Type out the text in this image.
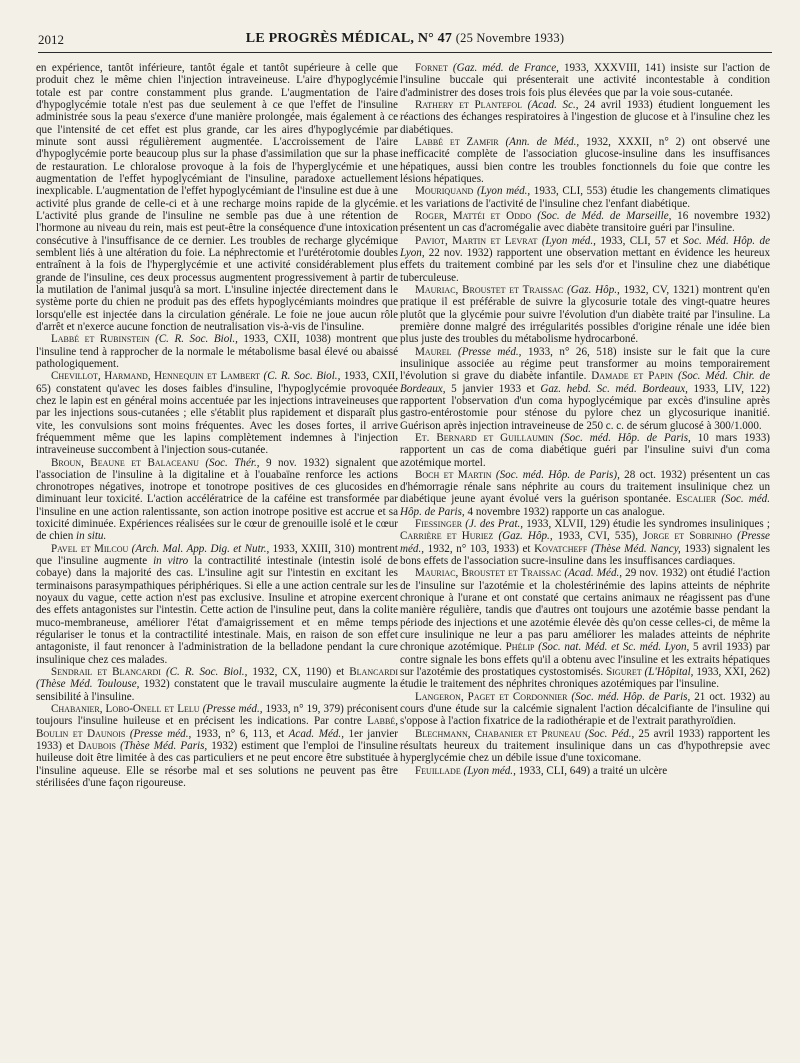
2012	LE PROGRÈS MÉDICAL, N° 47 (25 Novembre 1933)

en expérience, tantôt inférieure, tantôt égale et tantôt supérieure à celle que produit chez le même chien l'injection intraveineuse. L'aire d'hypoglycémie totale est par contre constamment plus grande. L'augmentation de l'aire d'hypoglycémie totale n'est pas due seulement à ce que l'effet de l'insuline administrée sous la peau s'exerce d'une manière prolongée, mais également à ce que l'intensité de cet effet est plus grande, car les aires d'hypoglycémie par minute sont aussi régulièrement augmentée. L'accroissement de l'aire d'hypoglycémie porte beaucoup plus sur la phase d'assimilation que sur la phase de restauration. Le chloralose provoque à la fois de l'hyperglycémie et une augmentation de l'effet hypoglycémiant de l'insuline, paradoxe actuellement inexplicable. L'augmentation de l'effet hypoglycémiant de l'insuline est due à une activité plus grande de celle-ci et à une recharge moins rapide de la glycémie. L'activité plus grande de l'insuline ne semble pas due à une rétention de l'hormone au niveau du rein, mais est peut-être la conséquence d'une intoxication consécutive à l'insuffisance de ce dernier. Les troubles de recharge glycémique semblent liés à une altération du foie. La néphrectomie et l'urétérotomie doubles entraînent à la fois de l'hyperglycémie et une activité considérablement plus grande de l'insuline, ces deux processus augmentent progressivement à partir de la mutilation de l'animal jusqu'à sa mort. L'insuline injectée directement dans le système porte du chien ne produit pas des effets hypoglycémiants moindres que lorsqu'elle est injectée dans la circulation générale. Le foie ne joue aucun rôle d'arrêt et n'exerce aucune fonction de neutralisation vis-à-vis de l'insuline.

Labbé et Rubinstein (C. R. Soc. Biol., 1933, CXII, 1038) montrent que l'insuline tend à rapprocher de la normale le métabolisme basal élevé ou abaissé pathologiquement.

Chevillot, Harmand, Hennequin et Lambert (C. R. Soc. Biol., 1933, CXII, 65) constatent qu'avec les doses faibles d'insuline, l'hypoglycémie provoquée chez le lapin est en général moins accentuée par les injections intraveineuses que par les injections sous-cutanées ; elle s'établit plus rapidement et disparaît plus vite, les convulsions sont moins fréquentes. Avec les doses fortes, il arrive fréquemment même que les lapins complètement indemnes à l'injection intraveineuse succombent à l'injection sous-cutanée.

Broun, Beaune et Balaceanu (Soc. Thér., 9 nov. 1932) signalent que l'association de l'insuline à la digitaline et à l'ouabaïne renforce les actions chronotropes négatives, inotrope et tonotrope positives de ces glucosides en diminuant leur toxicité. L'action accélératrice de la caféine est transformée par l'insuline en une action ralentissante, son action inotrope positive est accrue et sa toxicité diminuée. Expériences réalisées sur le cœur de grenouille isolé et le cœur de chien in situ.

Pavel et Milcou (Arch. Mal. App. Dig. et Nutr., 1933, XXIII, 310) montrent que l'insuline augmente in vitro la contractilité intestinale (intestin isolé de cobaye) dans la majorité des cas. L'insuline agit sur l'intestin en excitant les terminaisons parasympathiques périphériques. Si elle a une action centrale sur les noyaux du vague, cette action n'est pas exclusive. Insuline et atropine exercent des effets antagonistes sur l'intestin. Cette action de l'insuline peut, dans la colite muco-membraneuse, améliorer l'état d'amaigrissement et en même temps régulariser le tonus et la contractilité intestinale. Mais, en raison de son effet antagoniste, il faut renoncer à l'administration de la belladone pendant la cure insulinique chez ces malades.

Sendrail et Blancardi (C. R. Soc. Biol., 1932, CX, 1190) et Blancardi (Thèse Méd. Toulouse, 1932) constatent que le travail musculaire augmente la sensibilité à l'insuline.

Chabanier, Lobo-Onell et Lelu (Presse méd., 1933, n° 19, 379) préconisent toujours l'insuline huileuse et en précisent les indications. Par contre Labbé, Boulin et Daunois (Presse méd., 1933, n° 6, 113, et Acad. Méd., 1er janvier 1933) et Daubois (Thèse Méd. Paris, 1932) estiment que l'emploi de l'insuline huileuse doit être limitée à des cas particuliers et ne peut encore être substituée à l'insuline aqueuse. Elle se résorbe mal et ses solutions ne peuvent pas être stérilisées d'une façon rigoureuse.

Fornet (Gaz. méd. de France, 1933, XXXVIII, 141) insiste sur l'action de l'insuline buccale qui présenterait une activité incontestable à condition d'administrer des doses trois fois plus élevées que par la voie sous-cutanée.

Rathery et Plantefol (Acad. Sc., 24 avril 1933) étudient longuement les réactions des échanges respiratoires à l'ingestion de glucose et à l'insuline chez les diabétiques.

Labbé et Zamfir (Ann. de Méd., 1932, XXXII, n° 2) ont observé une inefficacité complète de l'association glucose-insuline dans les insuffisances hépatiques, aussi bien contre les troubles fonctionnels du foie que contre les lésions hépatiques.

Mouriquand (Lyon méd., 1933, CLI, 553) étudie les changements climatiques et les variations de l'activité de l'insuline chez l'enfant diabétique.

Roger, Mattéi et Oddo (Soc. de Méd. de Marseille, 16 novembre 1932) présentent un cas d'acromégalie avec diabète transitoire guéri par l'insuline.

Paviot, Martin et Levrat (Lyon méd., 1933, CLI, 57 et Soc. Méd. Hôp. de Lyon, 22 nov. 1932) rapportent une observation mettant en évidence les heureux effets du traitement combiné par les sels d'or et l'insuline chez une diabétique tuberculeuse.

Mauriac, Broustet et Traissac (Gaz. Hôp., 1932, CV, 1321) montrent qu'en pratique il est préférable de suivre la glycosurie totale des vingt-quatre heures plutôt que la glycémie pour suivre l'évolution d'un diabète traité par l'insuline. La première donne malgré des irrégularités possibles d'origine rénale une idée bien plus juste des troubles du métabolisme hydrocarboné.

Maurel (Presse méd., 1933, n° 26, 518) insiste sur le fait que la cure insulinique associée au régime peut transformer au moins temporairement l'évolution si grave du diabète infantile. Damade et Papin (Soc. Méd. Chir. de Bordeaux, 5 janvier 1933 et Gaz. hebd. Sc. méd. Bordeaux, 1933, LIV, 122) rapportent l'observation d'un coma hypoglycémique par excès d'insuline après gastro-entérostomie pour sténose du pylore chez un glycosurique inanitié. Guérison après injection intraveineuse de 250 c. c. de sérum glucosé à 300/1.000.

Et. Bernard et Guillaumin (Soc. méd. Hôp. de Paris, 10 mars 1933) rapportent un cas de coma diabétique guéri par l'insuline suivi d'un coma azotémique mortel.

Boch et Martin (Soc. méd. Hôp. de Paris), 28 oct. 1932) présentent un cas d'hémorragie rénale sans néphrite au cours du traitement insulinique chez un diabétique jeune ayant évolué vers la guérison spontanée. Escalier (Soc. méd. Hôp. de Paris, 4 novembre 1932) rapporte un cas analogue.

Fiessinger (J. des Prat., 1933, XLVII, 129) étudie les syndromes insuliniques ; Carrière et Huriez (Gaz. Hôp., 1933, CVI, 535), Jorge et Sobrinho (Presse méd., 1932, n° 103, 1933) et Kovatcheff (Thèse Méd. Nancy, 1933) signalent les bons effets de l'association sucre-insuline dans les insuffisances cardiaques.

Mauriac, Broustet et Traissac (Acad. Méd., 29 nov. 1932) ont étudié l'action de l'insuline sur l'azotémie et la cholestérinémie des lapins atteints de néphrite chronique à l'urane et ont constaté que certains animaux ne réagissent pas d'une manière régulière, tandis que d'autres ont toujours une azotémie basse pendant la période des injections et une azotémie élevée dès qu'on cesse celles-ci, de même la cure insulinique ne leur a pas paru améliorer les malades atteints de néphrite chronique azotémique. Phélip (Soc. nat. Méd. et Sc. méd. Lyon, 5 avril 1933) par contre signale les bons effets qu'il a obtenu avec l'insuline et les extraits hépatiques sur l'azotémie des prostatiques cystostomisés. Siguret (L'Hôpital, 1933, XXI, 262) étudie le traitement des néphrites chroniques azotémiques par l'insuline.

Langeron, Paget et Cordonnier (Soc. méd. Hôp. de Paris, 21 oct. 1932) au cours d'une étude sur la calcémie signalent l'action décalcifiante de l'insuline qui s'oppose à l'action fixatrice de la radiothérapie et de l'extrait parathyroïdien.

Blechmann, Chabanier et Pruneau (Soc. Péd., 25 avril 1933) rapportent les résultats heureux du traitement insulinique dans un cas d'hypothrepsie avec hyperglycémie chez un débile issue d'une toxicomane.

Feuillade (Lyon méd., 1933, CLI, 649) a traité un ulcère
